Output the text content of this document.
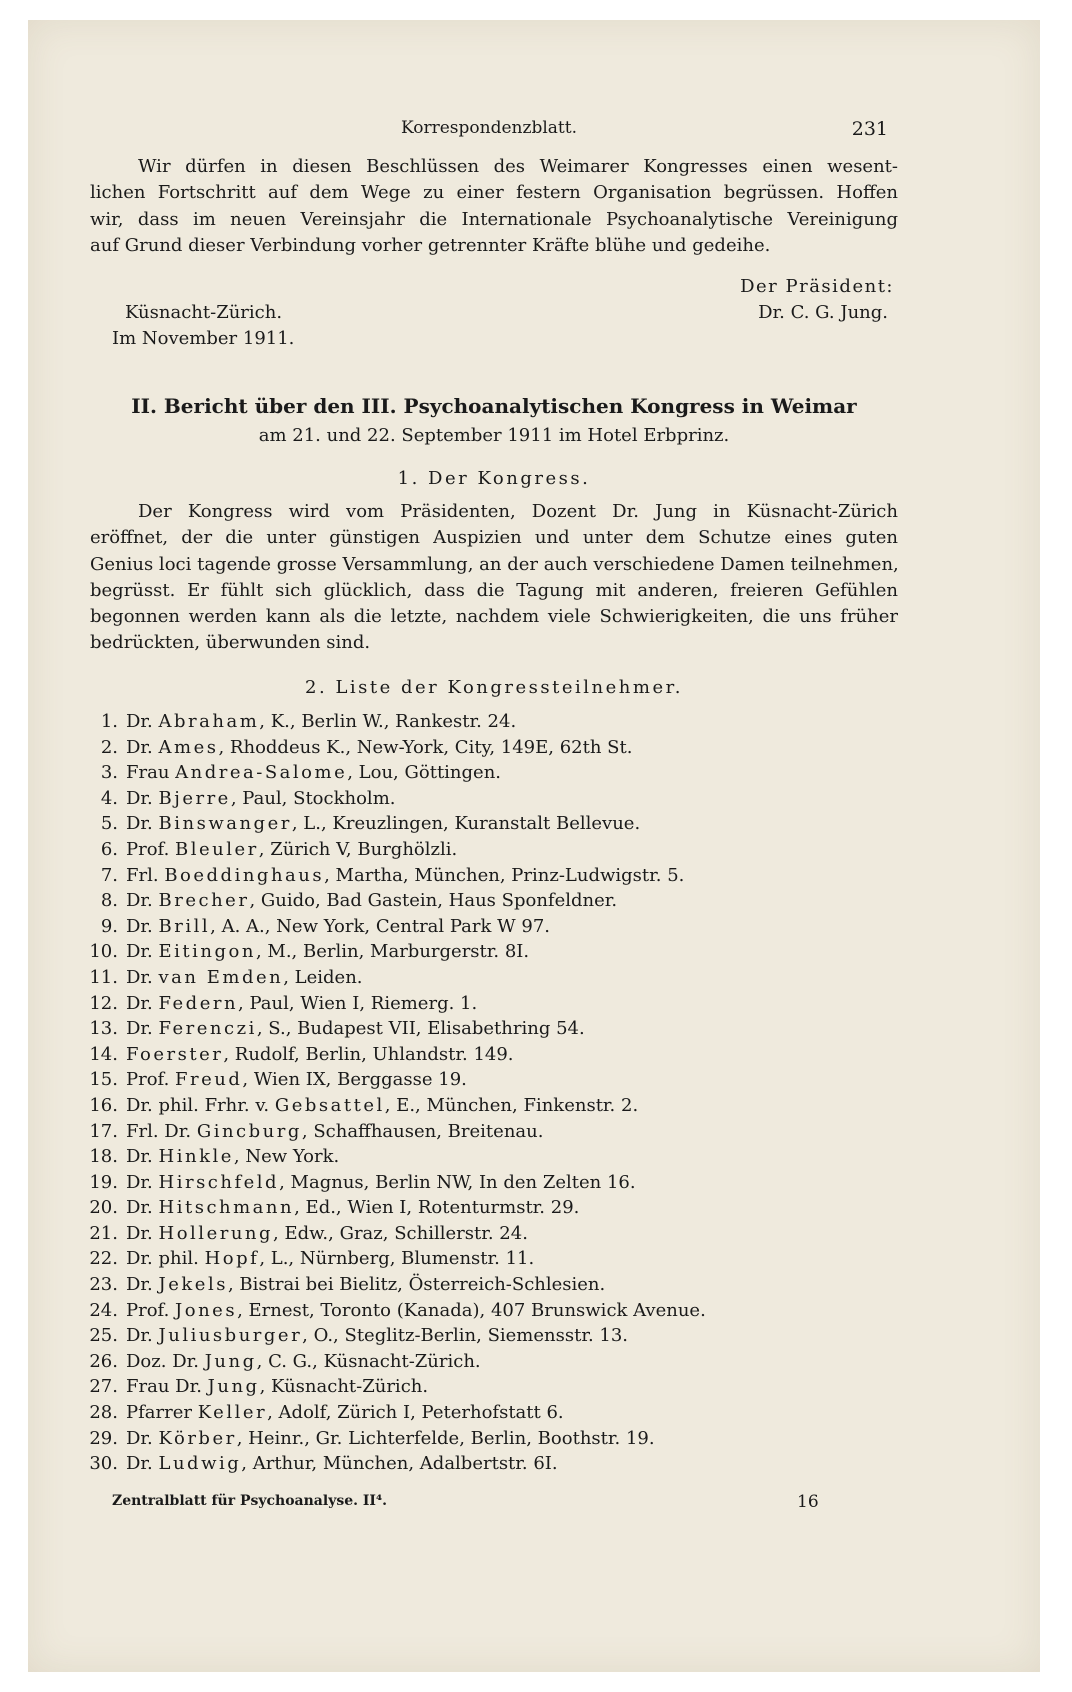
Korrespondenzblatt.	231
Wir dürfen in diesen Beschlüssen des Weimarer Kongresses einen wesent-
lichen Fortschritt auf dem Wege zu einer festern Organisation begrüssen. Hoffen
wir, dass im neuen Vereinsjahr die Internationale Psychoanalytische Vereinigung
auf Grund dieser Verbindung vorher getrennter Kräfte blühe und gedeihe.
Der Präsident:
Küsnacht-Zürich.	Dr. C. G. Jung.
Im November 1911.
II. Bericht über den III. Psychoanalytischen Kongress in Weimar
am 21. und 22. September 1911 im Hotel Erbprinz.
1. Der Kongress.
Der Kongress wird vom Präsidenten, Dozent Dr. Jung in Küsnacht-Zürich
eröffnet, der die unter günstigen Auspizien und unter dem Schutze eines guten
Genius loci tagende grosse Versammlung, an der auch verschiedene Damen teilnehmen,
begrüsst. Er fühlt sich glücklich, dass die Tagung mit anderen, freieren Gefühlen
begonnen werden kann als die letzte, nachdem viele Schwierigkeiten, die uns früher
bedrückten, überwunden sind.
2. Liste der Kongressteilnehmer.
1. Dr. Abraham, K., Berlin W., Rankestr. 24.
2. Dr. Ames, Rhoddeus K., New-York, City, 149E, 62th St.
3. Frau Andrea-Salome, Lou, Göttingen.
4. Dr. Bjerre, Paul, Stockholm.
5. Dr. Binswanger, L., Kreuzlingen, Kuranstalt Bellevue.
6. Prof. Bleuler, Zürich V, Burghölzli.
7. Frl. Boeddinghaus, Martha, München, Prinz-Ludwigstr. 5.
8. Dr. Brecher, Guido, Bad Gastein, Haus Sponfeldner.
9. Dr. Brill, A. A., New York, Central Park W 97.
10. Dr. Eitingon, M., Berlin, Marburgerstr. 8I.
11. Dr. van Emden, Leiden.
12. Dr. Federn, Paul, Wien I, Riemerg. 1.
13. Dr. Ferenczi, S., Budapest VII, Elisabethring 54.
14. Foerster, Rudolf, Berlin, Uhlandstr. 149.
15. Prof. Freud, Wien IX, Berggasse 19.
16. Dr. phil. Frhr. v. Gebsattel, E., München, Finkenstr. 2.
17. Frl. Dr. Gincburg, Schaffhausen, Breitenau.
18. Dr. Hinkle, New York.
19. Dr. Hirschfeld, Magnus, Berlin NW, In den Zelten 16.
20. Dr. Hitschmann, Ed., Wien I, Rotenturmstr. 29.
21. Dr. Hollerung, Edw., Graz, Schillerstr. 24.
22. Dr. phil. Hopf, L., Nürnberg, Blumenstr. 11.
23. Dr. Jekels, Bistrai bei Bielitz, Österreich-Schlesien.
24. Prof. Jones, Ernest, Toronto (Kanada), 407 Brunswick Avenue.
25. Dr. Juliusburger, O., Steglitz-Berlin, Siemensstr. 13.
26. Doz. Dr. Jung, C. G., Küsnacht-Zürich.
27. Frau Dr. Jung, Küsnacht-Zürich.
28. Pfarrer Keller, Adolf, Zürich I, Peterhofstatt 6.
29. Dr. Körber, Heinr., Gr. Lichterfelde, Berlin, Boothstr. 19.
30. Dr. Ludwig, Arthur, München, Adalbertstr. 6I.
Zentralblatt für Psychoanalyse. II⁴.	16
